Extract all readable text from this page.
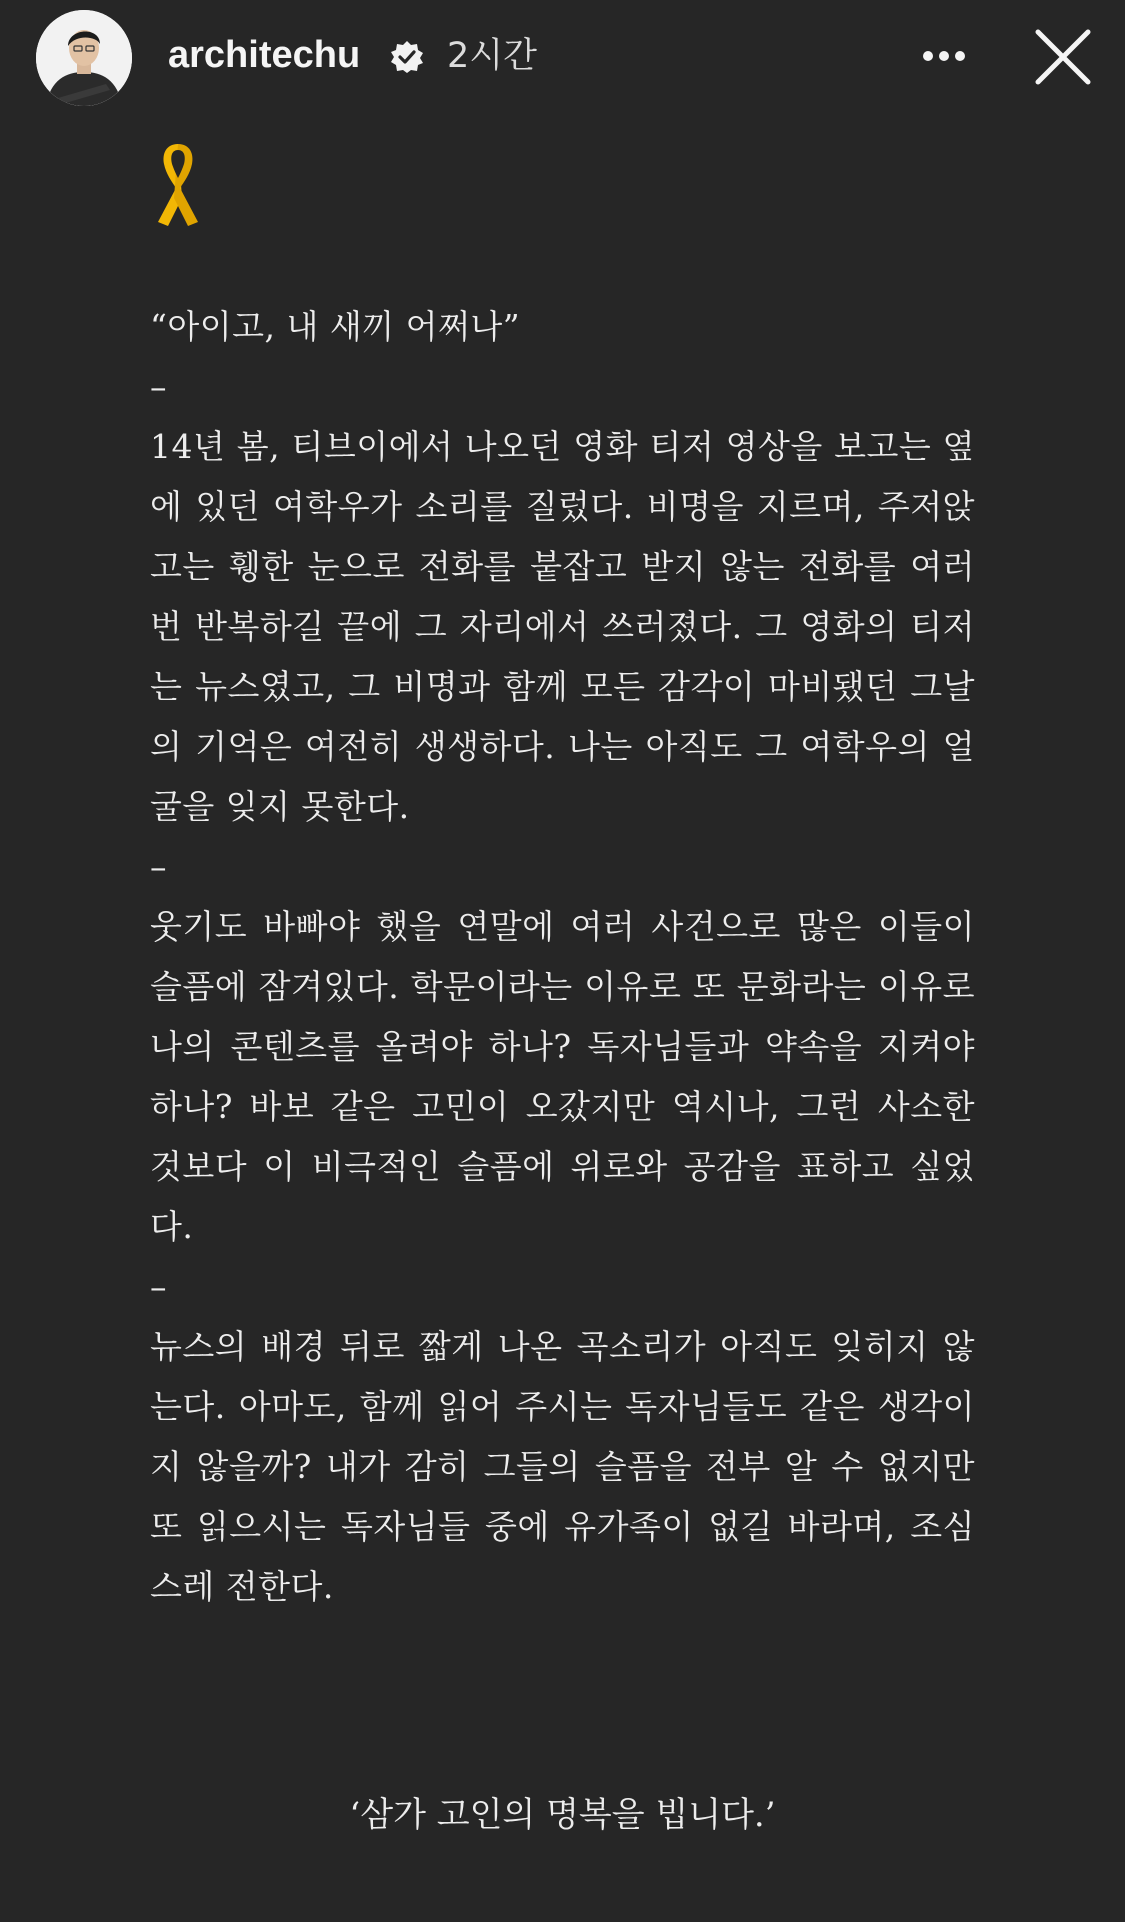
architechu 2시간

“아이고, 내 새끼 어쩌나”

–

14년 봄, 티브이에서 나오던 영화 티저 영상을 보고는 옆에 있던 여학우가 소리를 질렀다. 비명을 지르며, 주저앉고는 휑한 눈으로 전화를 붙잡고 받지 않는 전화를 여러 번 반복하길 끝에 그 자리에서 쓰러졌다. 그 영화의 티저는 뉴스였고, 그 비명과 함께 모든 감각이 마비됐던 그날의 기억은 여전히 생생하다. 나는 아직도 그 여학우의 얼굴을 잊지 못한다.

–

웃기도 바빠야 했을 연말에 여러 사건으로 많은 이들이 슬픔에 잠겨있다. 학문이라는 이유로 또 문화라는 이유로 나의 콘텐츠를 올려야 하나? 독자님들과 약속을 지켜야 하나? 바보 같은 고민이 오갔지만 역시나, 그런 사소한 것보다 이 비극적인 슬픔에 위로와 공감을 표하고 싶었다.

–

뉴스의 배경 뒤로 짧게 나온 곡소리가 아직도 잊히지 않는다. 아마도, 함께 읽어 주시는 독자님들도 같은 생각이지 않을까? 내가 감히 그들의 슬픔을 전부 알 수 없지만 또 읽으시는 독자님들 중에 유가족이 없길 바라며, 조심스레 전한다.

‘삼가 고인의 명복을 빕니다.’
